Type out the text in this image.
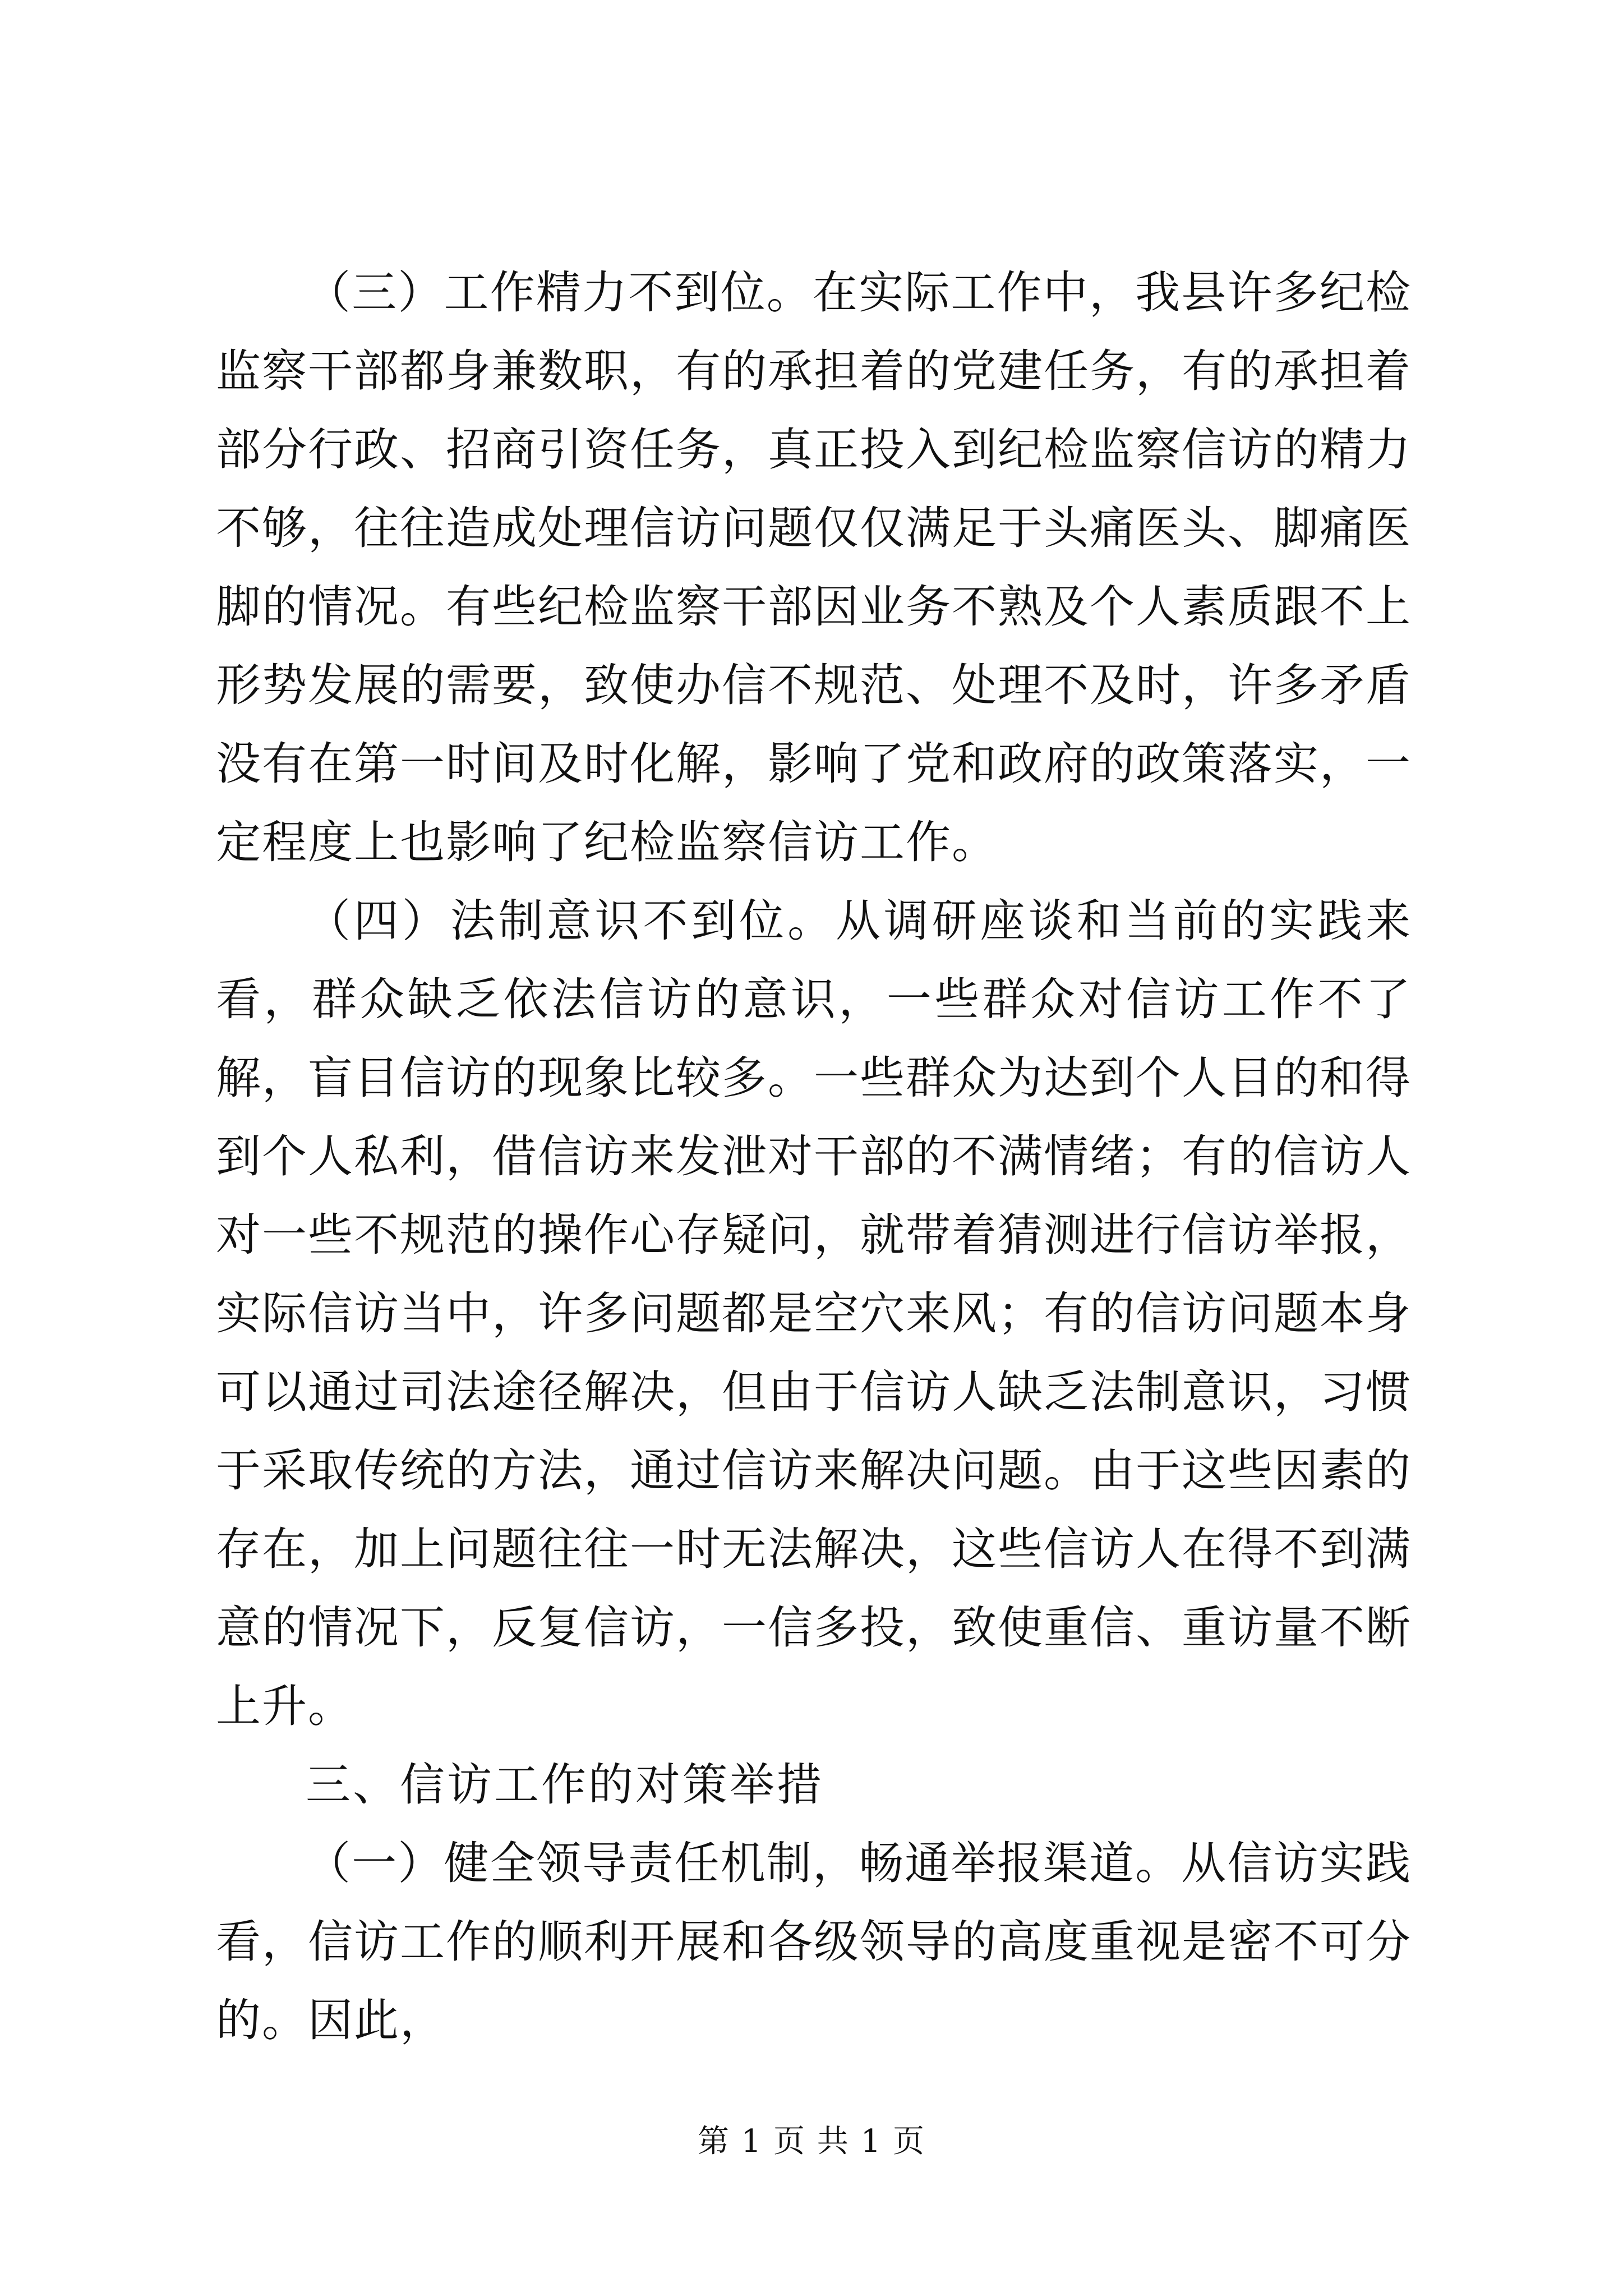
（三）工作精力不到位。在实际工作中，我县许多纪检监察干部都身兼数职，有的承担着的党建任务，有的承担着部分行政、招商引资任务，真正投入到纪检监察信访的精力不够，往往造成处理信访问题仅仅满足于头痛医头、脚痛医脚的情况。有些纪检监察干部因业务不熟及个人素质跟不上形势发展的需要，致使办信不规范、处理不及时，许多矛盾没有在第一时间及时化解，影响了党和政府的政策落实，一定程度上也影响了纪检监察信访工作。

（四）法制意识不到位。从调研座谈和当前的实践来看，群众缺乏依法信访的意识，一些群众对信访工作不了解，盲目信访的现象比较多。一些群众为达到个人目的和得到个人私利，借信访来发泄对干部的不满情绪；有的信访人对一些不规范的操作心存疑问，就带着猜测进行信访举报，实际信访当中，许多问题都是空穴来风；有的信访问题本身可以通过司法途径解决，但由于信访人缺乏法制意识，习惯于采取传统的方法，通过信访来解决问题。由于这些因素的存在，加上问题往往一时无法解决，这些信访人在得不到满意的情况下，反复信访，一信多投，致使重信、重访量不断上升。

三、信访工作的对策举措

（一）健全领导责任机制，畅通举报渠道。从信访实践看，信访工作的顺利开展和各级领导的高度重视是密不可分的。因此，

第 1 页 共 1 页
